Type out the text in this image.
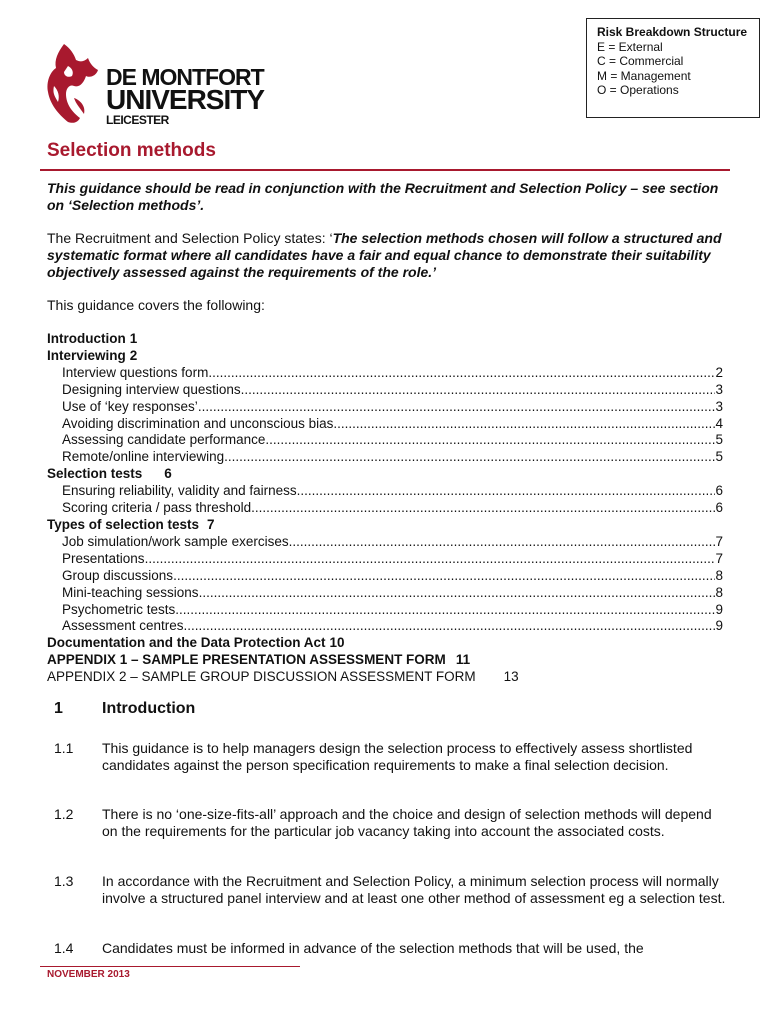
DE MONTFORT
UNIVERSITY
LEICESTER
Risk Breakdown Structure
E = External
C = Commercial
M = Management
O = Operations
Selection methods
This guidance should be read in conjunction with the Recruitment and Selection Policy – see section on ‘Selection methods’.
The Recruitment and Selection Policy states: ‘The selection methods chosen will follow a structured and systematic format where all candidates have a fair and equal chance to demonstrate their suitability objectively assessed against the requirements of the role.’
This guidance covers the following:
Introduction 1
Interviewing 2
Interview questions form .....	2
Designing interview questions .....	3
Use of ‘key responses’ .....	3
Avoiding discrimination and unconscious bias .....	4
Assessing candidate performance .....	5
Remote/online interviewing .....	5
Selection tests 6
Ensuring reliability, validity and fairness .....	6
Scoring criteria / pass threshold .....	6
Types of selection tests 7
Job simulation/work sample exercises .....	7
Presentations .....	7
Group discussions .....	8
Mini-teaching sessions .....	8
Psychometric tests .....	9
Assessment centres .....	9
Documentation and the Data Protection Act 10
APPENDIX 1 – SAMPLE PRESENTATION ASSESSMENT FORM 11
APPENDIX 2 – SAMPLE GROUP DISCUSSION ASSESSMENT FORM 13
1 Introduction
1.1 This guidance is to help managers design the selection process to effectively assess shortlisted candidates against the person specification requirements to make a final selection decision.
1.2 There is no ‘one-size-fits-all’ approach and the choice and design of selection methods will depend on the requirements for the particular job vacancy taking into account the associated costs.
1.3 In accordance with the Recruitment and Selection Policy, a minimum selection process will normally involve a structured panel interview and at least one other method of assessment eg a selection test.
1.4 Candidates must be informed in advance of the selection methods that will be used, the
NOVEMBER 2013
